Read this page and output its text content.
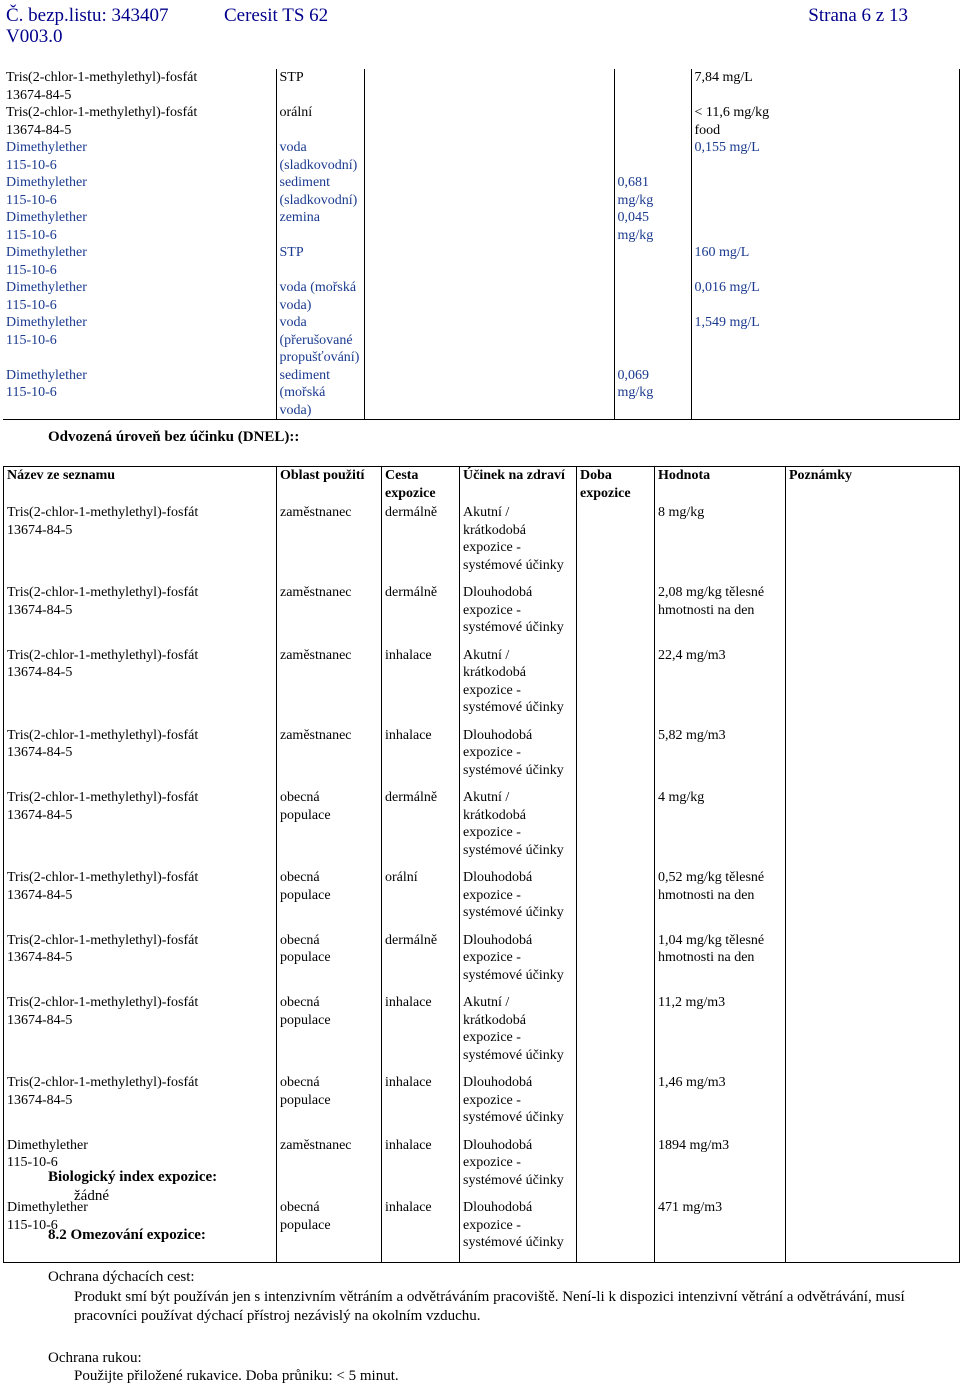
Č. bezp.listu: 343407	Ceresit TS 62	Strana 6 z 13
V003.0
Tris(2-chlor-1-methylethyl)-fosfát
13674-84-5	STP				7,84 mg/L
Tris(2-chlor-1-methylethyl)-fosfát
13674-84-5	orální				< 11,6 mg/kg
food
Dimethylether
115-10-6	voda
(sladkovodní)				0,155 mg/L
Dimethylether
115-10-6	sediment
(sladkovodní)		0,681
mg/kg		
Dimethylether
115-10-6	zemina		0,045
mg/kg		
Dimethylether
115-10-6	STP				160 mg/L
Dimethylether
115-10-6	voda (mořská
voda)				0,016 mg/L
Dimethylether
115-10-6	voda
(přerušované
propušťování)				1,549 mg/L
Dimethylether
115-10-6	sediment
(mořská voda)		0,069
mg/kg		
Odvozená úroveň bez účinku (DNEL)::
Název ze seznamu	Oblast použití	Cesta
expozice	Účinek na zdraví	Doba
expozice	Hodnota	Poznámky
Tris(2-chlor-1-methylethyl)-fosfát
13674-84-5	zaměstnanec	dermálně	Akutní /
krátkodobá
expozice -
systémové účinky		8 mg/kg	
Tris(2-chlor-1-methylethyl)-fosfát
13674-84-5	zaměstnanec	dermálně	Dlouhodobá
expozice -
systémové účinky		2,08 mg/kg tělesné hmotnosti na den	
Tris(2-chlor-1-methylethyl)-fosfát
13674-84-5	zaměstnanec	inhalace	Akutní /
krátkodobá
expozice -
systémové účinky		22,4 mg/m3	
Tris(2-chlor-1-methylethyl)-fosfát
13674-84-5	zaměstnanec	inhalace	Dlouhodobá
expozice -
systémové účinky		5,82 mg/m3	
Tris(2-chlor-1-methylethyl)-fosfát
13674-84-5	obecná
populace	dermálně	Akutní /
krátkodobá
expozice -
systémové účinky		4 mg/kg	
Tris(2-chlor-1-methylethyl)-fosfát
13674-84-5	obecná
populace	orální	Dlouhodobá
expozice -
systémové účinky		0,52 mg/kg tělesné hmotnosti na den	
Tris(2-chlor-1-methylethyl)-fosfát
13674-84-5	obecná
populace	dermálně	Dlouhodobá
expozice -
systémové účinky		1,04 mg/kg tělesné hmotnosti na den	
Tris(2-chlor-1-methylethyl)-fosfát
13674-84-5	obecná
populace	inhalace	Akutní /
krátkodobá
expozice -
systémové účinky		11,2 mg/m3	
Tris(2-chlor-1-methylethyl)-fosfát
13674-84-5	obecná
populace	inhalace	Dlouhodobá
expozice -
systémové účinky		1,46 mg/m3	
Dimethylether
115-10-6	zaměstnanec	inhalace	Dlouhodobá
expozice -
systémové účinky		1894 mg/m3	
Dimethylether
115-10-6	obecná
populace	inhalace	Dlouhodobá
expozice -
systémové účinky		471 mg/m3	
Biologický index expozice:
žádné
8.2 Omezování expozice:
Ochrana dýchacích cest:
Produkt smí být používán jen s intenzivním větráním a odvětráváním pracoviště. Není-li k dispozici intenzivní větrání a odvětrávání, musí pracovníci používat dýchací přístroj nezávislý na okolním vzduchu.
Ochrana rukou:
Použijte přiložené rukavice. Doba průniku: < 5 minut.
